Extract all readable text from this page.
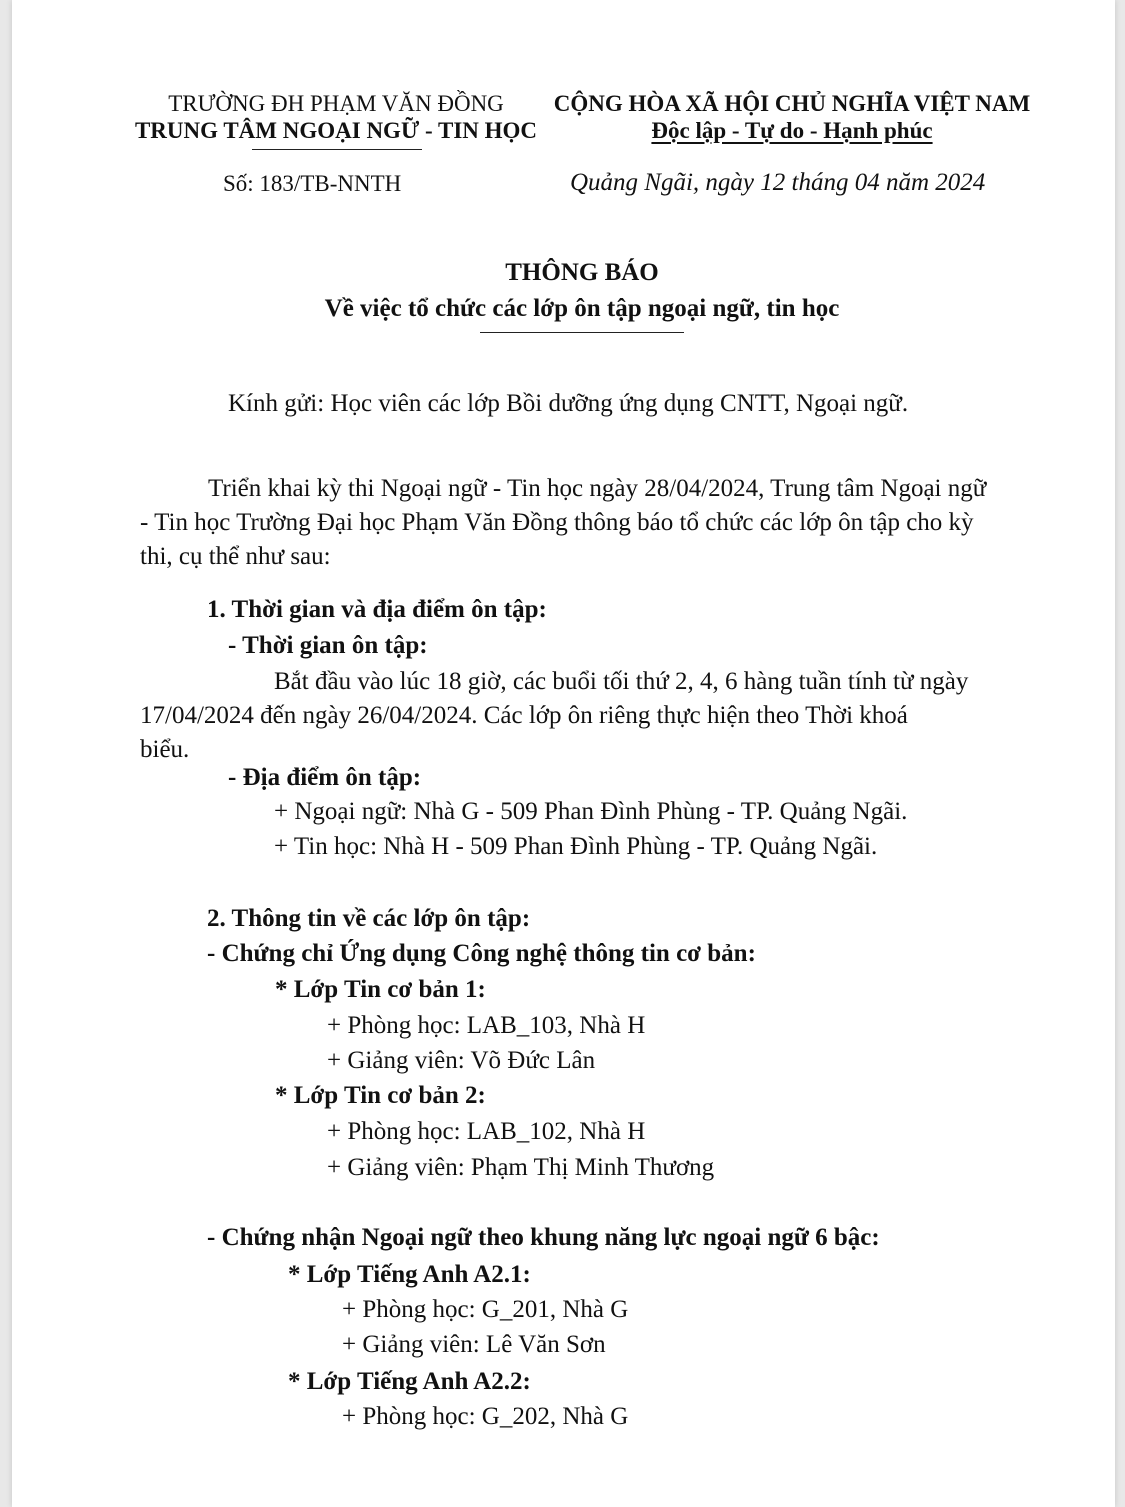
TRƯỜNG ĐH PHẠM VĂN ĐỒNG
TRUNG TÂM NGOẠI NGỮ - TIN HỌC
Số: 183/TB-NNTH
CỘNG HÒA XÃ HỘI CHỦ NGHĨA VIỆT NAM
Độc lập - Tự do - Hạnh phúc
Quảng Ngãi, ngày 12 tháng 04 năm 2024
THÔNG BÁO
Về việc tổ chức các lớp ôn tập ngoại ngữ, tin học
Kính gửi: Học viên các lớp Bồi dưỡng ứng dụng CNTT, Ngoại ngữ.
Triển khai kỳ thi Ngoại ngữ - Tin học ngày 28/04/2024, Trung tâm Ngoại ngữ
- Tin học Trường Đại học Phạm Văn Đồng thông báo tổ chức các lớp ôn tập cho kỳ
thi, cụ thể như sau:
1. Thời gian và địa điểm ôn tập:
- Thời gian ôn tập:
Bắt đầu vào lúc 18 giờ, các buổi tối thứ 2, 4, 6 hàng tuần tính từ ngày
17/04/2024 đến ngày 26/04/2024. Các lớp ôn riêng thực hiện theo Thời khoá
biểu.
- Địa điểm ôn tập:
+ Ngoại ngữ: Nhà G - 509 Phan Đình Phùng - TP. Quảng Ngãi.
+ Tin học: Nhà H - 509 Phan Đình Phùng - TP. Quảng Ngãi.
2. Thông tin về các lớp ôn tập:
- Chứng chỉ Ứng dụng Công nghệ thông tin cơ bản:
* Lớp Tin cơ bản 1:
+ Phòng học: LAB_103, Nhà H
+ Giảng viên: Võ Đức Lân
* Lớp Tin cơ bản 2:
+ Phòng học: LAB_102, Nhà H
+ Giảng viên: Phạm Thị Minh Thương
- Chứng nhận Ngoại ngữ theo khung năng lực ngoại ngữ 6 bậc:
* Lớp Tiếng Anh A2.1:
+ Phòng học: G_201, Nhà G
+ Giảng viên: Lê Văn Sơn
* Lớp Tiếng Anh A2.2:
+ Phòng học: G_202, Nhà G
